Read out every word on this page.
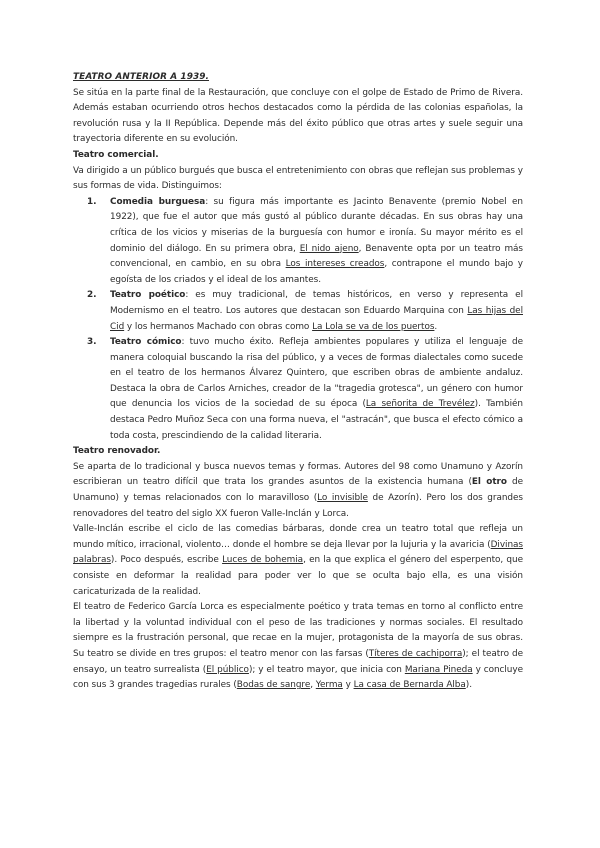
TEATRO ANTERIOR A 1939.

Se sitúa en la parte final de la Restauración, que concluye con el golpe de Estado de Primo de Rivera. Además estaban ocurriendo otros hechos destacados como la pérdida de las colonias españolas, la revolución rusa y la II República. Depende más del éxito público que otras artes y suele seguir una trayectoria diferente en su evolución.

Teatro comercial.

Va dirigido a un público burgués que busca el entretenimiento con obras que reflejan sus problemas y sus formas de vida. Distinguimos:

1. Comedia burguesa: su figura más importante es Jacinto Benavente (premio Nobel en 1922), que fue el autor que más gustó al público durante décadas. En sus obras hay una crítica de los vicios y miserias de la burguesía con humor e ironía. Su mayor mérito es el dominio del diálogo. En su primera obra, El nido ajeno, Benavente opta por un teatro más convencional, en cambio, en su obra Los intereses creados, contrapone el mundo bajo y egoísta de los criados y el ideal de los amantes.
2. Teatro poético: es muy tradicional, de temas históricos, en verso y representa el Modernismo en el teatro. Los autores que destacan son Eduardo Marquina con Las hijas del Cid y los hermanos Machado con obras como La Lola se va de los puertos.
3. Teatro cómico: tuvo mucho éxito. Refleja ambientes populares y utiliza el lenguaje de manera coloquial buscando la risa del público, y a veces de formas dialectales como sucede en el teatro de los hermanos Álvarez Quintero, que escriben obras de ambiente andaluz. Destaca la obra de Carlos Arniches, creador de la "tragedia grotesca", un género con humor que denuncia los vicios de la sociedad de su época (La señorita de Trevélez). También destaca Pedro Muñoz Seca con una forma nueva, el "astracán", que busca el efecto cómico a toda costa, prescindiendo de la calidad literaria.

Teatro renovador.

Se aparta de lo tradicional y busca nuevos temas y formas. Autores del 98 como Unamuno y Azorín escribieran un teatro difícil que trata los grandes asuntos de la existencia humana (El otro de Unamuno) y temas relacionados con lo maravilloso (Lo invisible de Azorín). Pero los dos grandes renovadores del teatro del siglo XX fueron Valle-Inclán y Lorca.

Valle-Inclán escribe el ciclo de las comedias bárbaras, donde crea un teatro total que refleja un mundo mítico, irracional, violento… donde el hombre se deja llevar por la lujuria y la avaricia (Divinas palabras). Poco después, escribe Luces de bohemia, en la que explica el género del esperpento, que consiste en deformar la realidad para poder ver lo que se oculta bajo ella, es una visión caricaturizada de la realidad.

El teatro de Federico García Lorca es especialmente poético y trata temas en torno al conflicto entre la libertad y la voluntad individual con el peso de las tradiciones y normas sociales. El resultado siempre es la frustración personal, que recae en la mujer, protagonista de la mayoría de sus obras. Su teatro se divide en tres grupos: el teatro menor con las farsas (Títeres de cachiporra); el teatro de ensayo, un teatro surrealista (El público); y el teatro mayor, que inicia con Mariana Pineda y concluye con sus 3 grandes tragedias rurales (Bodas de sangre, Yerma y La casa de Bernarda Alba).
